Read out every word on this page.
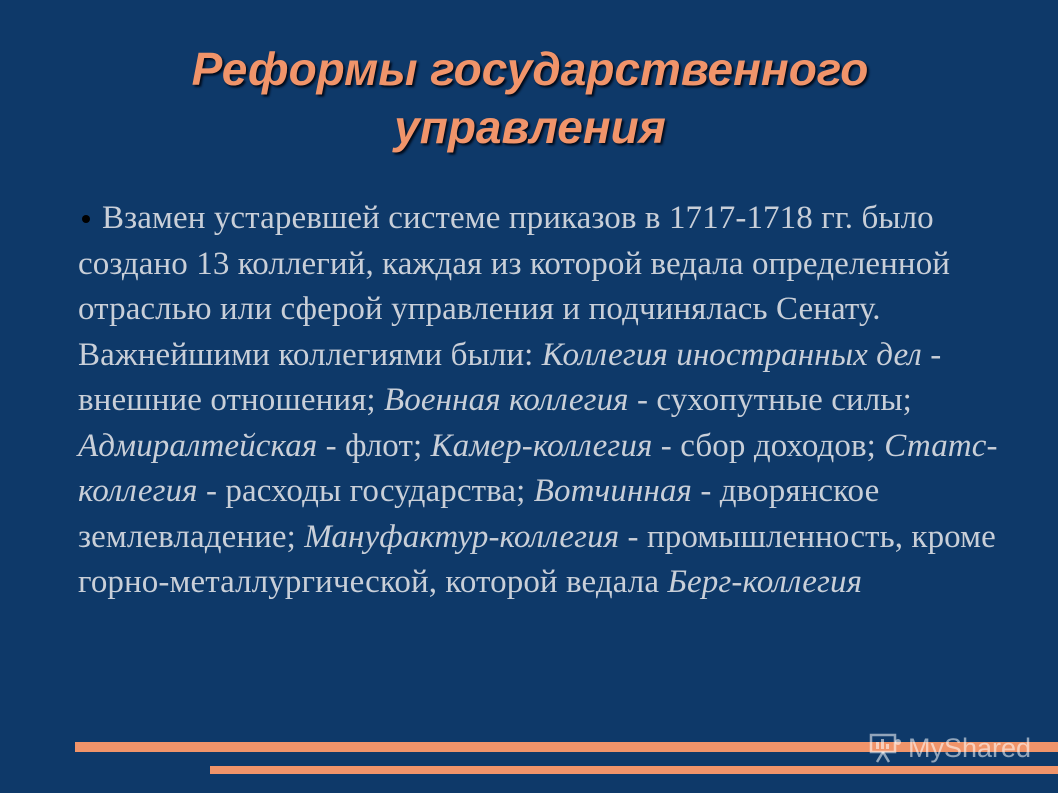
Реформы государственного
управления
Взамен устаревшей системе приказов в 1717-1718 гг. было создано 13 коллегий, каждая из которой ведала определенной отраслью или сферой управления и подчинялась Сенату. Важнейшими коллегиями были: Коллегия иностранных дел - внешние отношения; Военная коллегия - сухопутные силы; Адмиралтейская - флот; Камер-коллегия - сбор доходов; Статс-коллегия - расходы государства; Вотчинная - дворянское землевладение; Мануфактур-коллегия - промышленность, кроме горно-металлургической, которой ведала Берг-коллегия
MyShared
